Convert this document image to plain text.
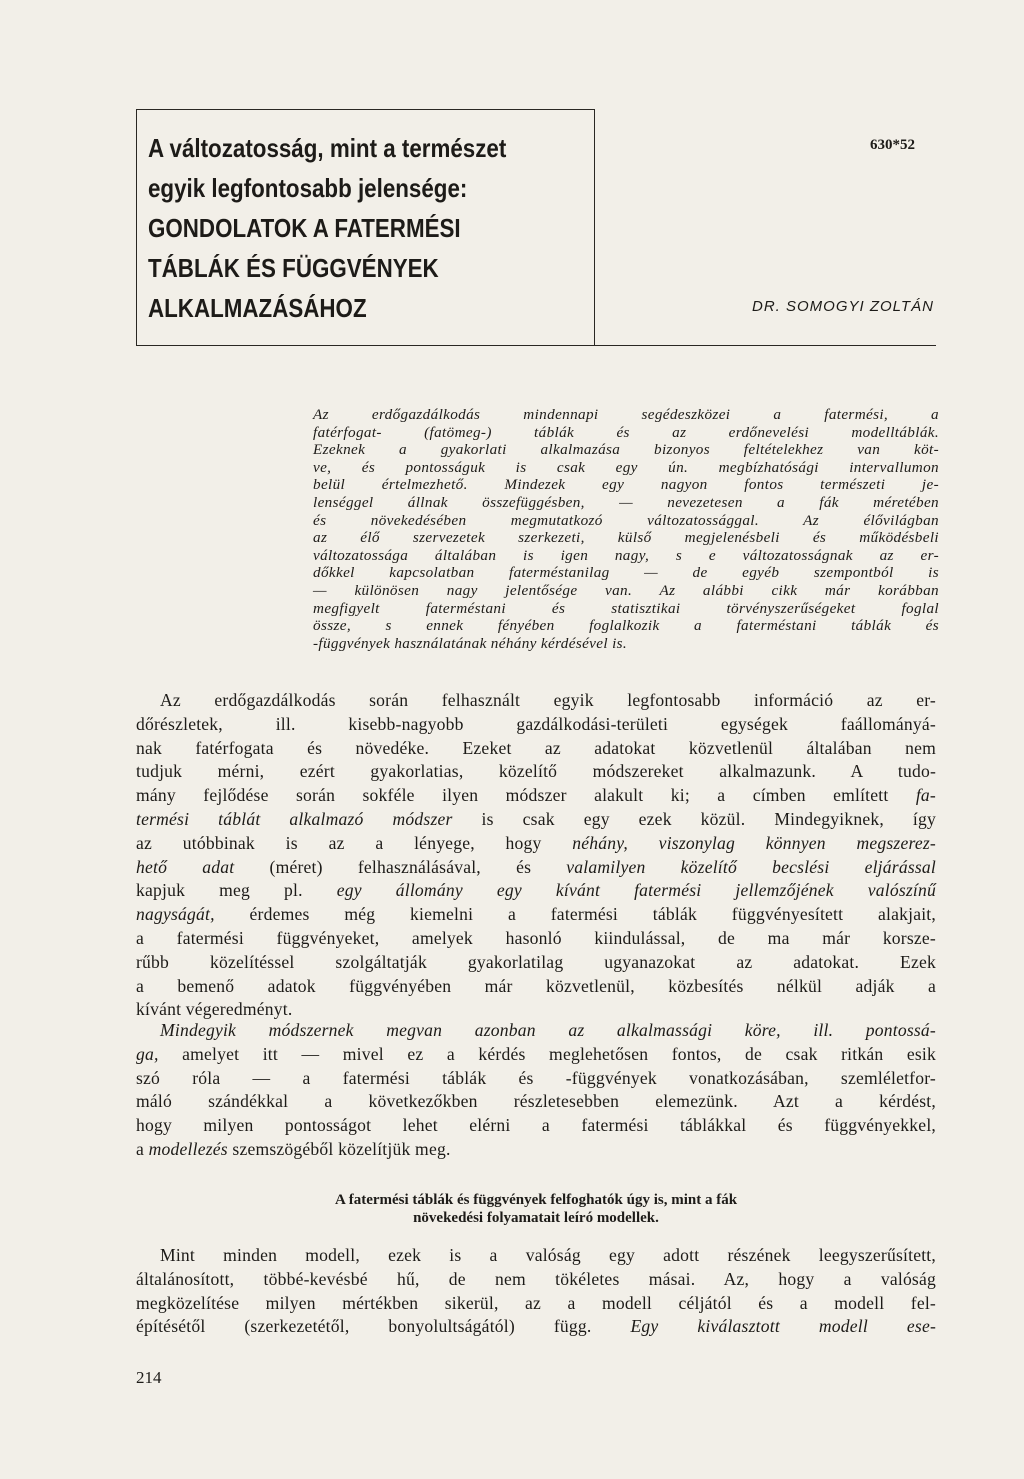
A változatosság, mint a természet
egyik legfontosabb jelensége:
GONDOLATOK A FATERMÉSI
TÁBLÁK ÉS FÜGGVÉNYEK
ALKALMAZÁSÁHOZ
630*52
DR. SOMOGYI ZOLTÁN
Az erdőgazdálkodás mindennapi segédeszközei a fatermési, a
fatérfogat- (fatömeg-) táblák és az erdőnevelési modelltáblák.
Ezeknek a gyakorlati alkalmazása bizonyos feltételekhez van köt-
ve, és pontosságuk is csak egy ún. megbízhatósági intervallumon
belül értelmezhető. Mindezek egy nagyon fontos természeti je-
lenséggel állnak összefüggésben, — nevezetesen a fák méretében
és növekedésében megmutatkozó változatossággal. Az élővilágban
az élő szervezetek szerkezeti, külső megjelenésbeli és működésbeli
változatossága általában is igen nagy, s e változatosságnak az er-
dőkkel kapcsolatban faterméstanilag — de egyéb szempontból is
— különösen nagy jelentősége van. Az alábbi cikk már korábban
megfigyelt faterméstani és statisztikai törvényszerűségeket foglal
össze, s ennek fényében foglalkozik a faterméstani táblák és
-függvények használatának néhány kérdésével is.
Az erdőgazdálkodás során felhasznált egyik legfontosabb információ az er-
dőrészletek, ill. kisebb-nagyobb gazdálkodási-területi egységek faállományá-
nak fatérfogata és növedéke. Ezeket az adatokat közvetlenül általában nem
tudjuk mérni, ezért gyakorlatias, közelítő módszereket alkalmazunk. A tudo-
mány fejlődése során sokféle ilyen módszer alakult ki; a címben említett fa-
termési táblát alkalmazó módszer is csak egy ezek közül. Mindegyiknek, így
az utóbbinak is az a lényege, hogy néhány, viszonylag könnyen megszerez-
hető adat (méret) felhasználásával, és valamilyen közelítő becslési eljárással
kapjuk meg pl. egy állomány egy kívánt fatermési jellemzőjének valószínű
nagyságát, érdemes még kiemelni a fatermési táblák függvényesített alakjait,
a fatermési függvényeket, amelyek hasonló kiindulással, de ma már korsze-
rűbb közelítéssel szolgáltatják gyakorlatilag ugyanazokat az adatokat. Ezek
a bemenő adatok függvényében már közvetlenül, közbesítés nélkül adják a
kívánt végeredményt.
Mindegyik módszernek megvan azonban az alkalmassági köre, ill. pontossá-
ga, amelyet itt — mivel ez a kérdés meglehetősen fontos, de csak ritkán esik
szó róla — a fatermési táblák és -függvények vonatkozásában, szemléletfor-
máló szándékkal a következőkben részletesebben elemezünk. Azt a kérdést,
hogy milyen pontosságot lehet elérni a fatermési táblákkal és függvényekkel,
a modellezés szemszögéből közelítjük meg.
A fatermési táblák és függvények felfoghatók úgy is, mint a fák
növekedési folyamatait leíró modellek.
Mint minden modell, ezek is a valóság egy adott részének leegyszerűsített,
általánosított, többé-kevésbé hű, de nem tökéletes másai. Az, hogy a valóság
megközelítése milyen mértékben sikerül, az a modell céljától és a modell fel-
építésétől (szerkezetétől, bonyolultságától) függ. Egy kiválasztott modell ese-
214
